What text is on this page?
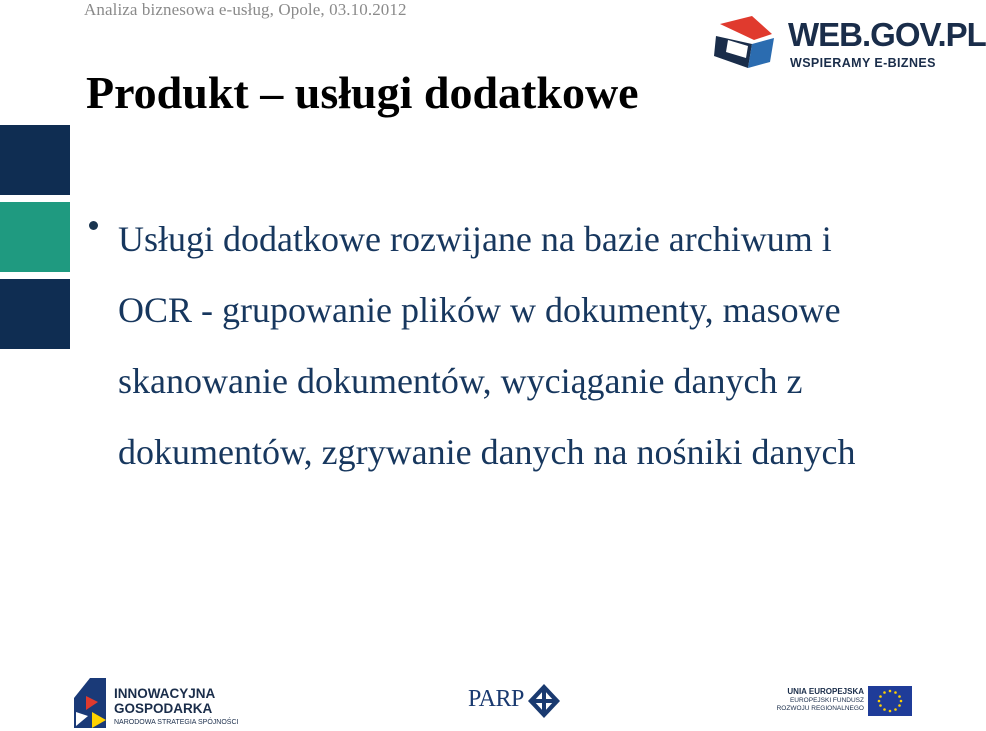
Analiza biznesowa e-usług, Opole, 03.10.2012
WEB.GOV.PL
WSPIERAMY E-BIZNES
Produkt – usługi dodatkowe
Usługi dodatkowe rozwijane na bazie archiwum i OCR - grupowanie plików w dokumenty, masowe skanowanie dokumentów, wyciąganie danych z dokumentów, zgrywanie danych na nośniki danych
INNOWACYJNA
GOSPODARKA
NARODOWA STRATEGIA SPÓJNOŚCI
PARP	UNIA EUROPEJSKA
EUROPEJSKI FUNDUSZ
ROZWOJU REGIONALNEGO
